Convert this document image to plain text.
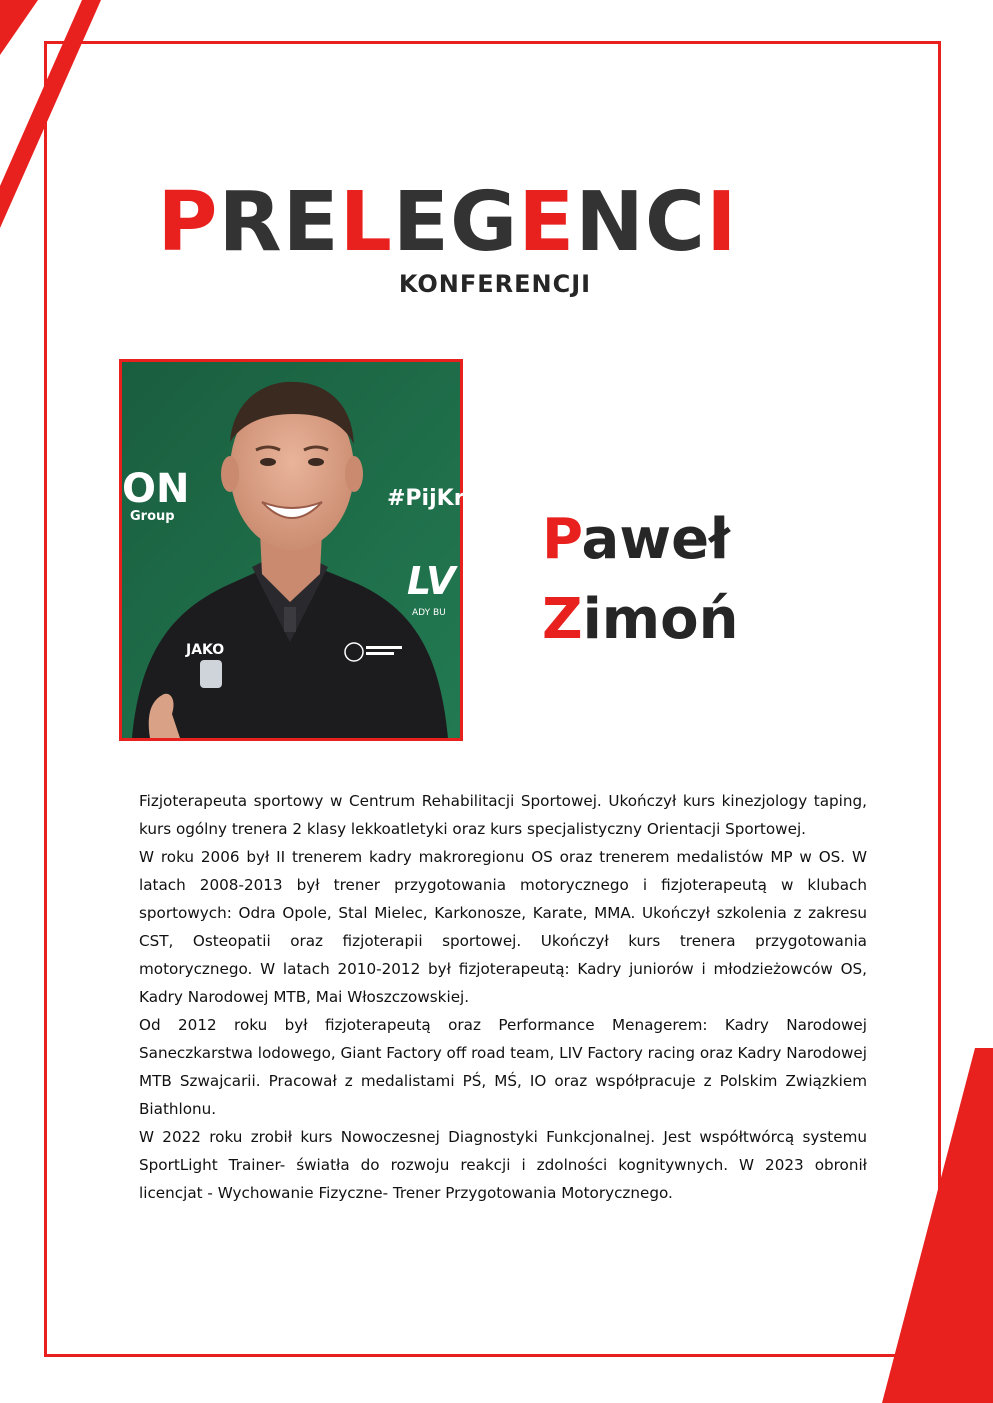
PRELEGENCI
KONFERENCJI
ON
Group
#PijKra
LV
ADY BU
JAKO
Paweł
Zimoń

Fizjoterapeuta sportowy w Centrum Rehabilitacji Sportowej. Ukończył kurs kinezjology taping, kurs ogólny trenera 2 klasy lekkoatletyki oraz kurs specjalistyczny Orientacji Sportowej.

W roku 2006 był II trenerem kadry makroregionu OS oraz trenerem medalistów MP w OS. W latach 2008-2013 był trener przygotowania motorycznego i fizjoterapeutą w klubach sportowych: Odra Opole, Stal Mielec, Karkonosze, Karate, MMA. Ukończył szkolenia z zakresu CST, Osteopatii oraz fizjoterapii sportowej. Ukończył kurs trenera przygotowania motorycznego. W latach 2010-2012 był fizjoterapeutą: Kadry juniorów i młodzieżowców OS, Kadry Narodowej MTB, Mai Włoszczowskiej.

Od 2012 roku był fizjoterapeutą oraz Performance Menagerem: Kadry Narodowej Saneczkarstwa lodowego, Giant Factory off road team, LIV Factory racing oraz Kadry Narodowej MTB Szwajcarii. Pracował z medalistami PŚ, MŚ, IO oraz współpracuje z Polskim Związkiem Biathlonu.

W 2022 roku zrobił kurs Nowoczesnej Diagnostyki Funkcjonalnej. Jest współtwórcą systemu SportLight Trainer- światła do rozwoju reakcji i zdolności kognitywnych. W 2023 obronił licencjat - Wychowanie Fizyczne- Trener Przygotowania Motorycznego.
